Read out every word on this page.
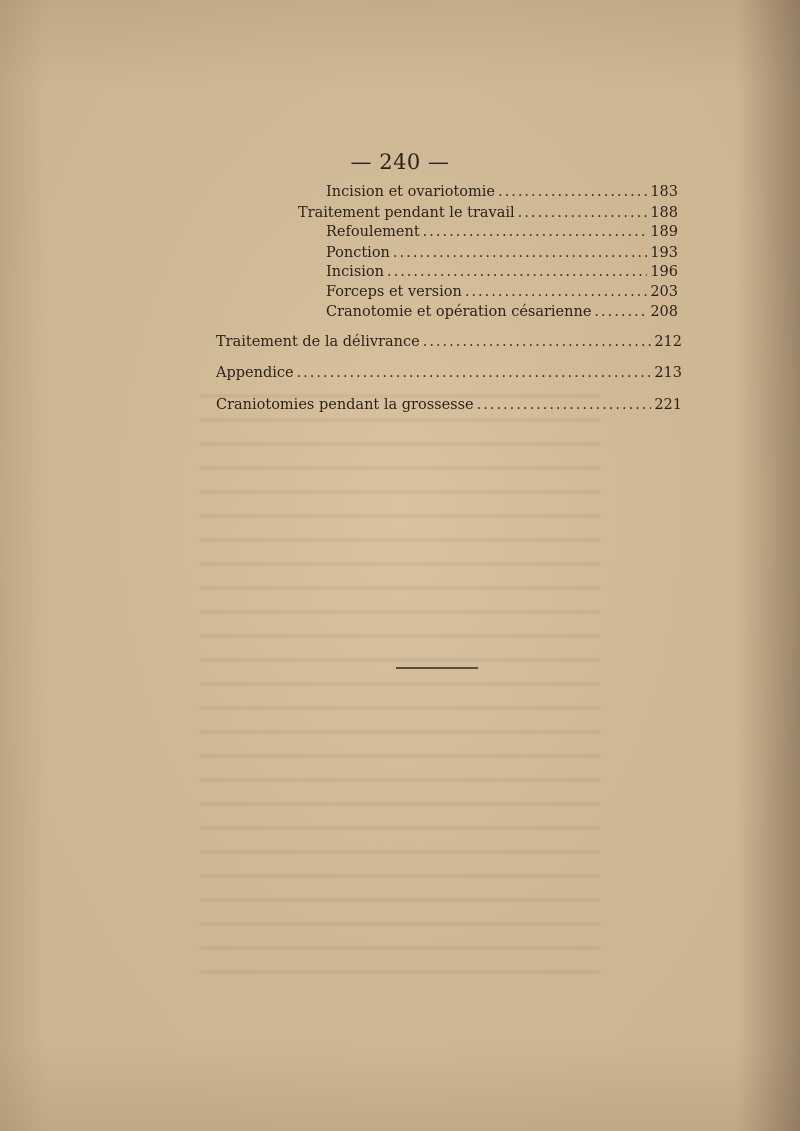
— 240 —
Incision et ovariotomie .....	183
Traitement pendant le travail .....	188
Refoulement .....	189
Ponction .....	193
Incision .....	196
Forceps et version .....	203
Cranotomie et opération césarienne .....	208
Traitement de la délivrance .....	212
Appendice .....	213
Craniotomies pendant la grossesse .....	221
